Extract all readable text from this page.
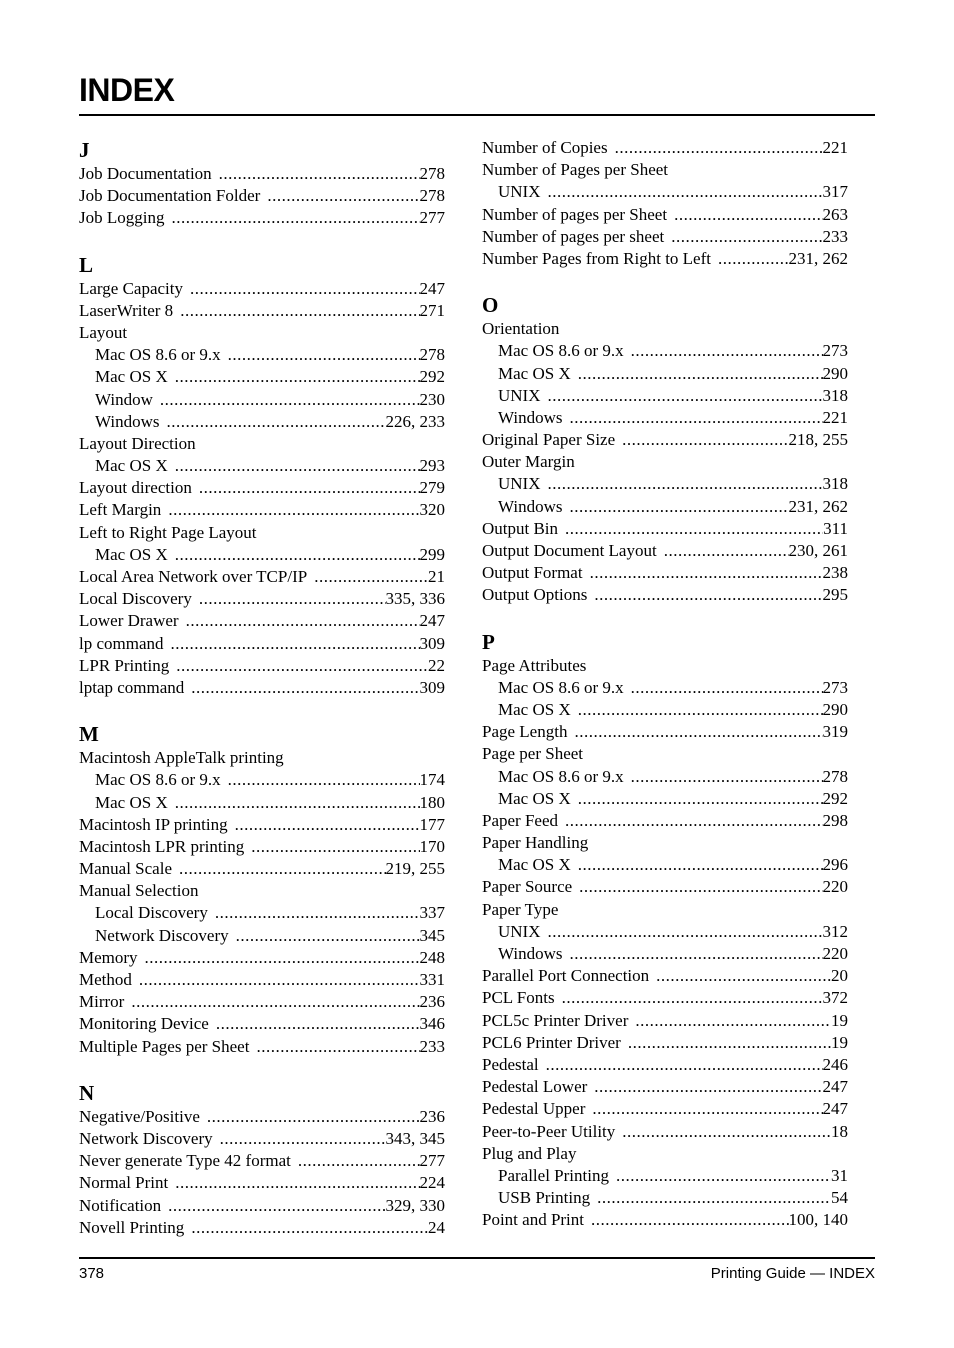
INDEX
J
Job Documentation .....	278
Job Documentation Folder .....	278
Job Logging .....	277
L
Large Capacity .....	247
LaserWriter 8 .....	271
Layout
Mac OS 8.6 or 9.x .....	278
Mac OS X .....	292
Window .....	230
Windows .....	226, 233
Layout Direction
Mac OS X .....	293
Layout direction .....	279
Left Margin .....	320
Left to Right Page Layout
Mac OS X .....	299
Local Area Network over TCP/IP .....	21
Local Discovery .....	335, 336
Lower Drawer .....	247
lp command .....	309
LPR Printing .....	22
lptap command .....	309
M
Macintosh AppleTalk printing
Mac OS 8.6 or 9.x .....	174
Mac OS X .....	180
Macintosh IP printing .....	177
Macintosh LPR printing .....	170
Manual Scale .....	219, 255
Manual Selection
Local Discovery .....	337
Network Discovery .....	345
Memory .....	248
Method .....	331
Mirror .....	236
Monitoring Device .....	346
Multiple Pages per Sheet .....	233
N
Negative/Positive .....	236
Network Discovery .....	343, 345
Never generate Type 42 format .....	277
Normal Print .....	224
Notification .....	329, 330
Novell Printing .....	24
Number of Copies .....	221
Number of Pages per Sheet
UNIX .....	317
Number of pages per Sheet .....	263
Number of pages per sheet .....	233
Number Pages from Right to Left .....	231, 262
O
Orientation
Mac OS 8.6 or 9.x .....	273
Mac OS X .....	290
UNIX .....	318
Windows .....	221
Original Paper Size .....	218, 255
Outer Margin
UNIX .....	318
Windows .....	231, 262
Output Bin .....	311
Output Document Layout .....	230, 261
Output Format .....	238
Output Options .....	295
P
Page Attributes
Mac OS 8.6 or 9.x .....	273
Mac OS X .....	290
Page Length .....	319
Page per Sheet
Mac OS 8.6 or 9.x .....	278
Mac OS X .....	292
Paper Feed .....	298
Paper Handling
Mac OS X .....	296
Paper Source .....	220
Paper Type
UNIX .....	312
Windows .....	220
Parallel Port Connection .....	20
PCL Fonts .....	372
PCL5c Printer Driver .....	19
PCL6 Printer Driver .....	19
Pedestal .....	246
Pedestal Lower .....	247
Pedestal Upper .....	247
Peer-to-Peer Utility .....	18
Plug and Play
Parallel Printing .....	31
USB Printing .....	54
Point and Print .....	100, 140
378	Printing Guide — INDEX
